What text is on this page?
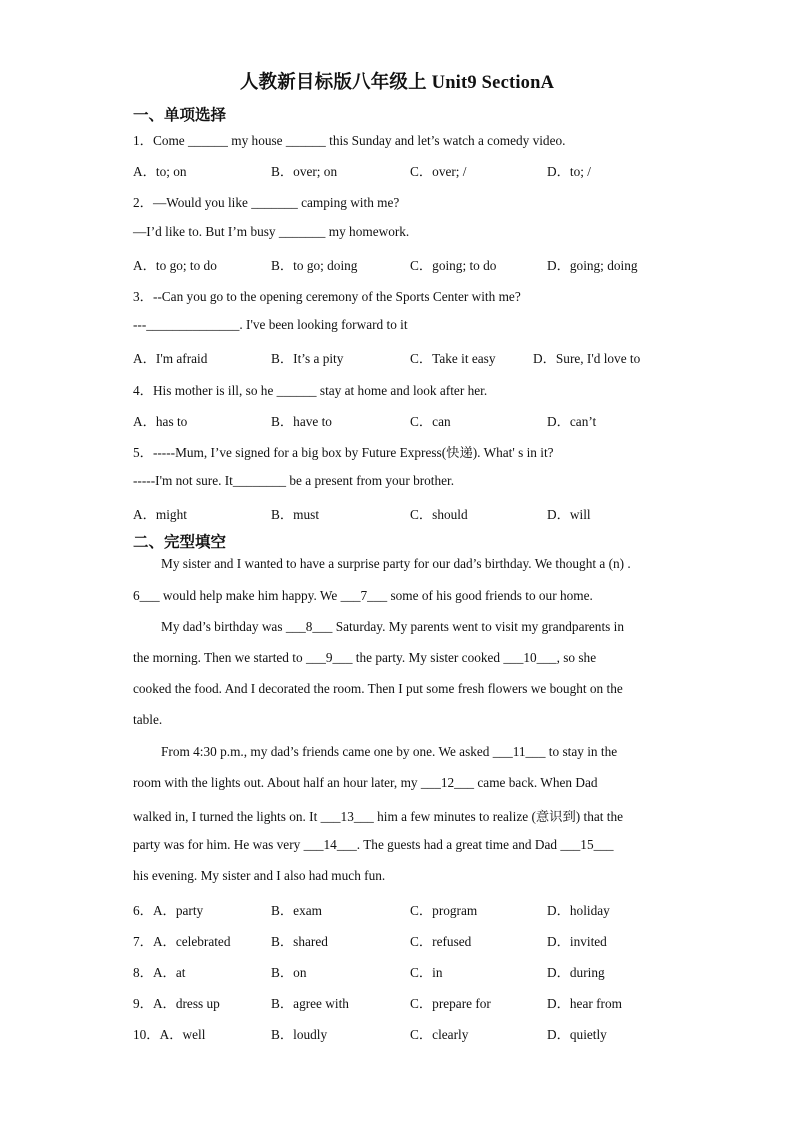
人教新目标版八年级上 Unit9 SectionA
一、单项选择
1．Come ______ my house ______ this Sunday and let’s watch a comedy video.
A．to; on	B．over; on	C．over; /	D．to; /
2．—Would you like _______ camping with me?
—I’d like to. But I’m busy _______ my homework.
A．to go; to do	B．to go; doing	C．going; to do	D．going; doing
3．--Can you go to the opening ceremony of the Sports Center with me?
---______________. I've been looking forward to it
A．I'm afraid	B．It’s a pity	C．Take it easy	D．Sure, I'd love to
4．His mother is ill, so he ______ stay at home and look after her.
A．has to	B．have to	C．can	D．can’t
5．-----Mum, I’ve signed for a big box by Future Express(快递). What' s in it?
-----I'm not sure. It________ be a present from your brother.
A．might	B．must	C．should	D．will
二、完型填空
My sister and I wanted to have a surprise party for our dad’s birthday. We thought a (n) .
6___ would help make him happy. We ___7___ some of his good friends to our home.
My dad’s birthday was ___8___ Saturday. My parents went to visit my grandparents in
the morning. Then we started to ___9___ the party. My sister cooked ___10___, so she
cooked the food. And I decorated the room. Then I put some fresh flowers we bought on the
table.
From 4:30 p.m., my dad’s friends came one by one. We asked ___11___ to stay in the
room with the lights out. About half an hour later, my ___12___ came back. When Dad
walked in, I turned the lights on. It ___13___ him a few minutes to realize (意识到) that the
party was for him. He was very ___14___. The guests had a great time and Dad ___15___
his evening. My sister and I also had much fun.
6．A．party	B．exam	C．program	D．holiday
7．A．celebrated	B．shared	C．refused	D．invited
8．A．at	B．on	C．in	D．during
9．A．dress up	B．agree with	C．prepare for	D．hear from
10．A．well	B．loudly	C．clearly	D．quietly
